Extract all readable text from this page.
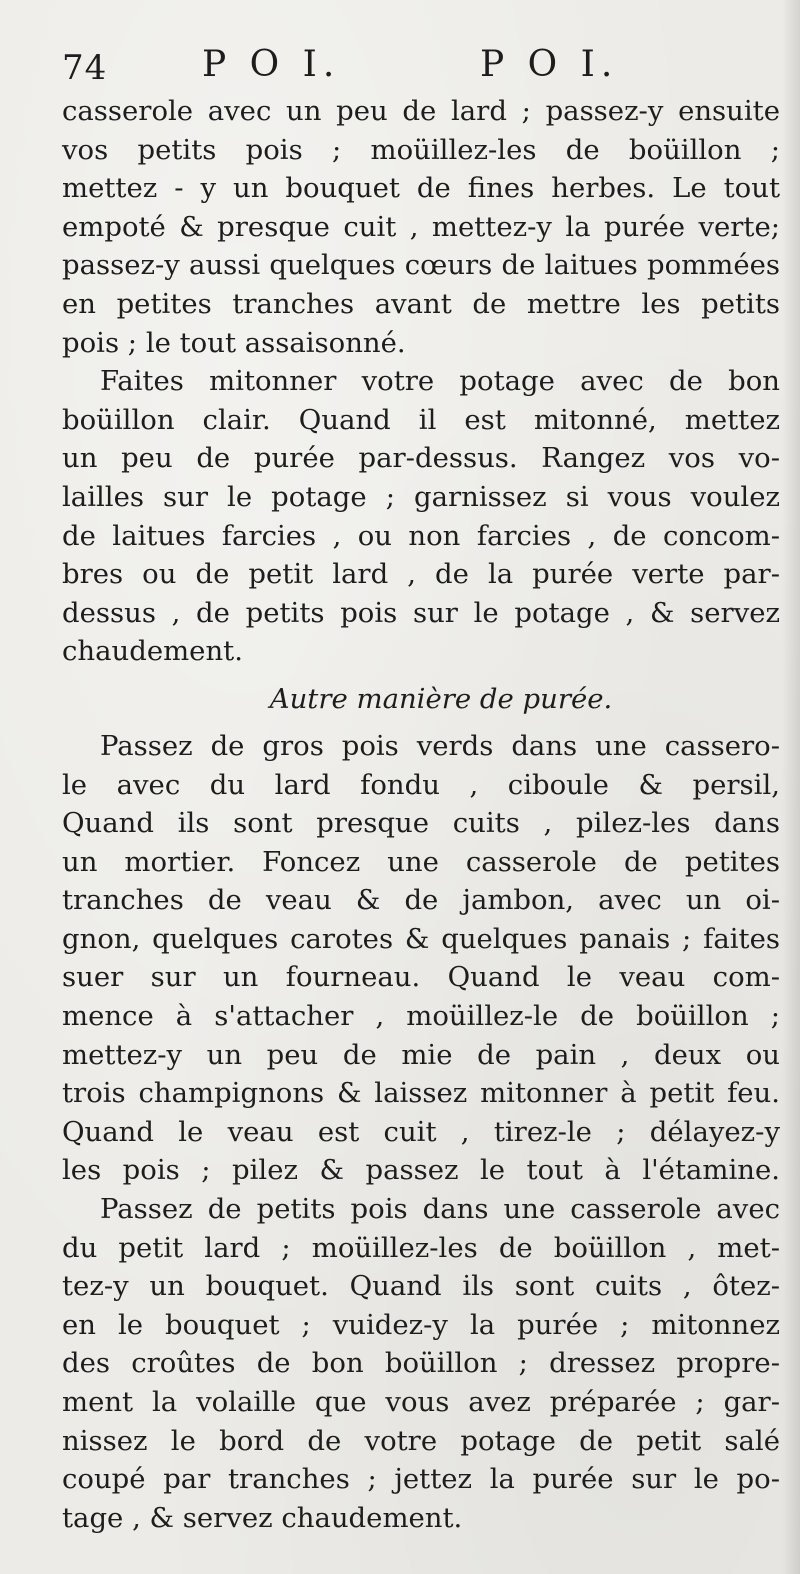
74	P O I.	P O I.
casserole avec un peu de lard ; passez-y ensuite
vos petits pois ; moüillez-les de boüillon ;
mettez - y un bouquet de fines herbes. Le tout
empoté & presque cuit , mettez-y la purée verte;
passez-y aussi quelques cœurs de laitues pommées
en petites tranches avant de mettre les petits
pois ; le tout assaisonné.
Faites mitonner votre potage avec de bon
boüillon clair. Quand il est mitonné, mettez
un peu de purée par-dessus. Rangez vos vo-
lailles sur le potage ; garnissez si vous voulez
de laitues farcies , ou non farcies , de concom-
bres ou de petit lard , de la purée verte par-
dessus , de petits pois sur le potage , & servez
chaudement.
Autre manière de purée.
Passez de gros pois verds dans une cassero-
le avec du lard fondu , ciboule & persil,
Quand ils sont presque cuits , pilez-les dans
un mortier. Foncez une casserole de petites
tranches de veau & de jambon, avec un oi-
gnon, quelques carotes & quelques panais ; faites
suer sur un fourneau. Quand le veau com-
mence à s'attacher , moüillez-le de boüillon ;
mettez-y un peu de mie de pain , deux ou
trois champignons & laissez mitonner à petit feu.
Quand le veau est cuit , tirez-le ; délayez-y
les pois ; pilez & passez le tout à l'étamine.
Passez de petits pois dans une casserole avec
du petit lard ; moüillez-les de boüillon , met-
tez-y un bouquet. Quand ils sont cuits , ôtez-
en le bouquet ; vuidez-y la purée ; mitonnez
des croûtes de bon boüillon ; dressez propre-
ment la volaille que vous avez préparée ; gar-
nissez le bord de votre potage de petit salé
coupé par tranches ; jettez la purée sur le po-
tage , & servez chaudement.
